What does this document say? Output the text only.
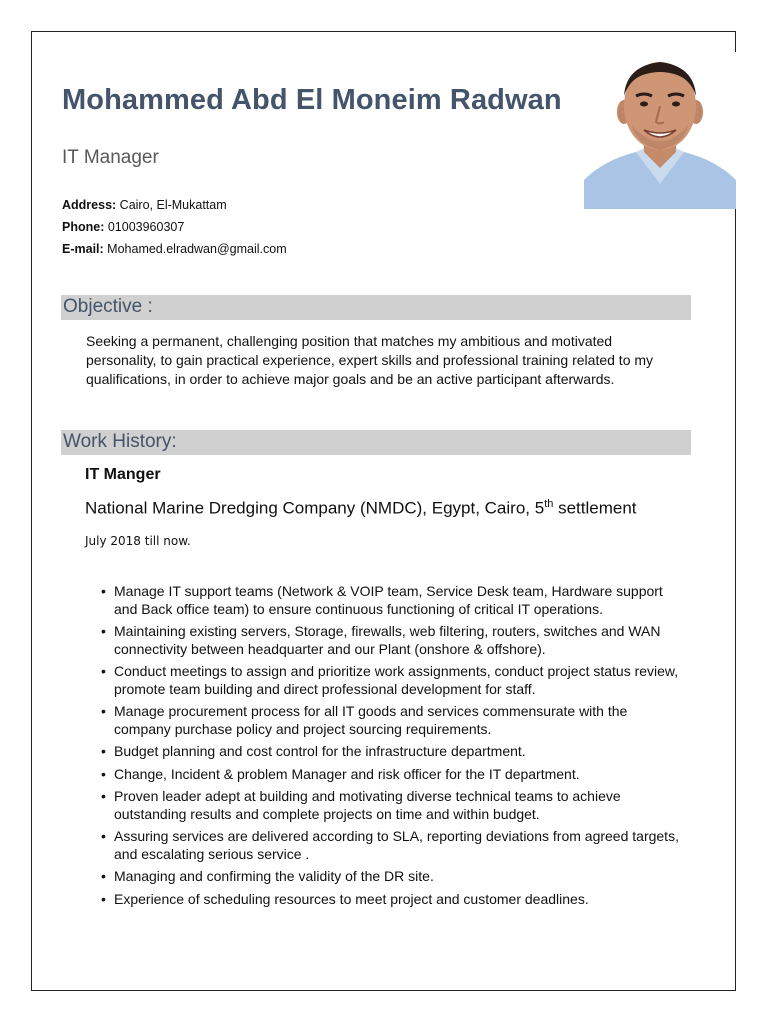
Mohammed Abd El Moneim Radwan
IT Manager
Address: Cairo, El-Mukattam
Phone: 01003960307
E-mail: Mohamed.elradwan@gmail.com
Objective :
Seeking a permanent, challenging position that matches my ambitious and motivated personality, to gain practical experience, expert skills and professional training related to my qualifications, in order to achieve major goals and be an active participant afterwards.
Work History:
IT Manger
National Marine Dredging Company (NMDC), Egypt, Cairo, 5th settlement
July 2018 till now.
• Manage IT support teams (Network & VOIP team, Service Desk team, Hardware support and Back office team) to ensure continuous functioning of critical IT operations.
• Maintaining existing servers, Storage, firewalls, web filtering, routers, switches and WAN connectivity between headquarter and our Plant (onshore & offshore).
• Conduct meetings to assign and prioritize work assignments, conduct project status review, promote team building and direct professional development for staff.
• Manage procurement process for all IT goods and services commensurate with the company purchase policy and project sourcing requirements.
• Budget planning and cost control for the infrastructure department.
• Change, Incident & problem Manager and risk officer for the IT department.
• Proven leader adept at building and motivating diverse technical teams to achieve outstanding results and complete projects on time and within budget.
• Assuring services are delivered according to SLA, reporting deviations from agreed targets, and escalating serious service .
• Managing and confirming the validity of the DR site.
• Experience of scheduling resources to meet project and customer deadlines.
